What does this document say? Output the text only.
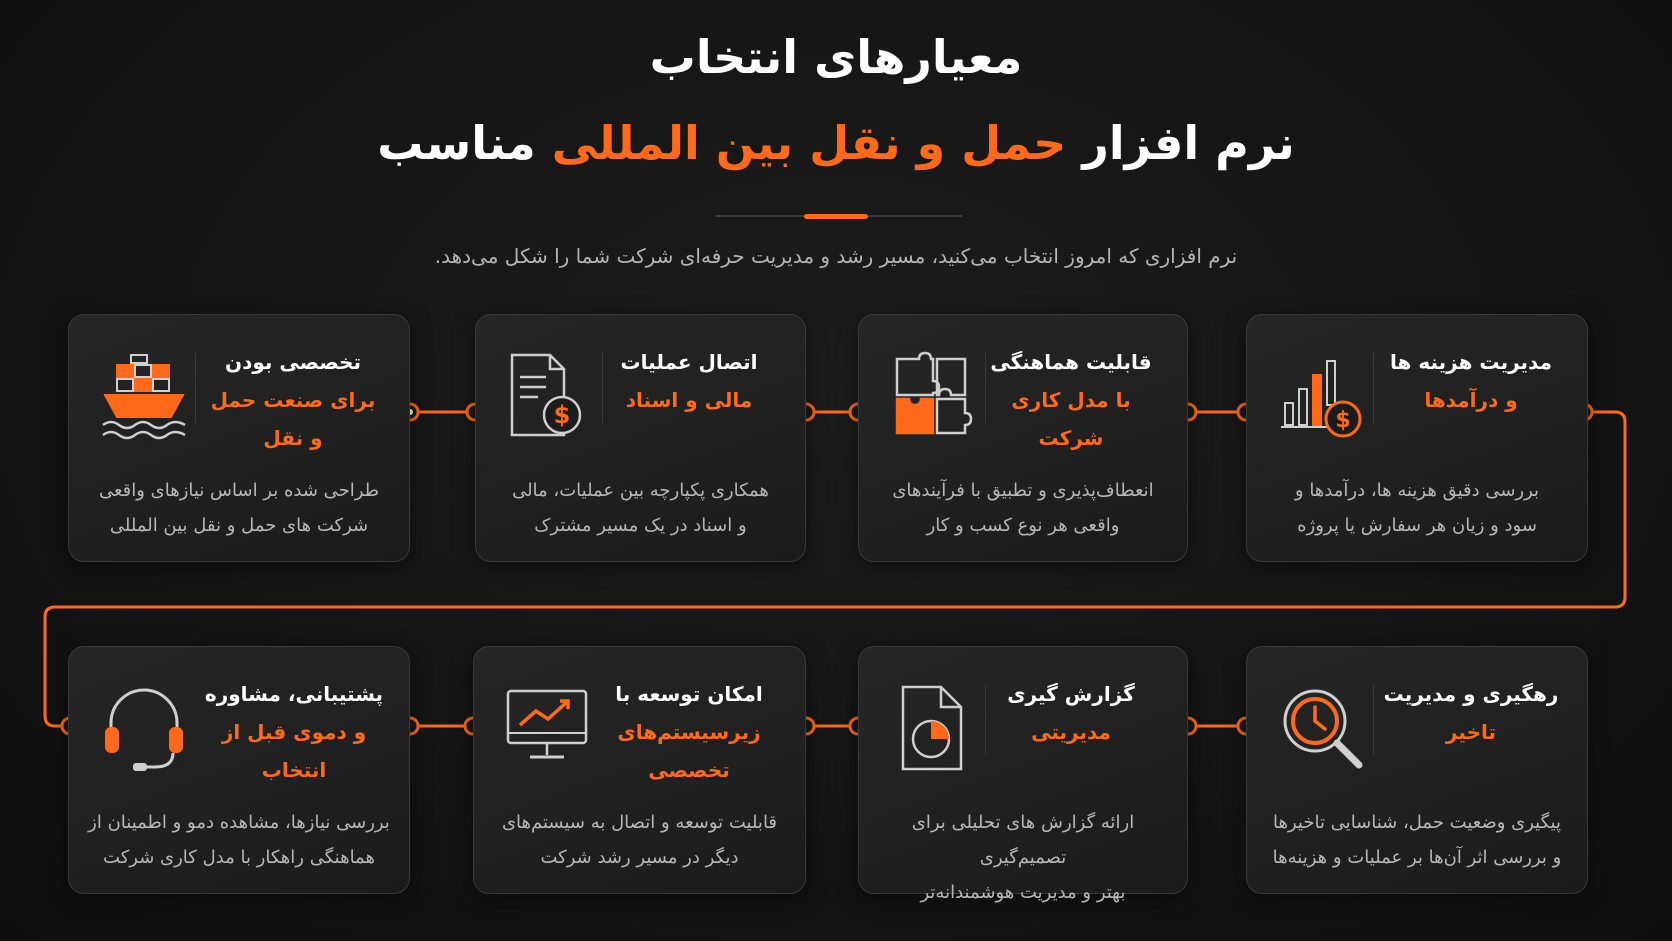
معیارهای انتخاب
نرم افزار حمل و نقل بین المللی مناسب
نرم افزاری که امروز انتخاب می‌کنید، مسیر رشد و مدیریت حرفه‌ای شرکت شما را شکل می‌دهد.
مدیریت هزینه ها
و درآمدها
$
بررسی دقیق هزینه ها، درآمدها و
سود و زیان هر سفارش یا پروژه
قابلیت هماهنگی
با مدل کاری شرکت
انعطاف‌پذیری و تطبیق با فرآیندهای
واقعی هر نوع کسب و کار
اتصال عملیات
مالی و اسناد
$
همکاری پکپارچه بین عملیات، مالی
و اسناد در یک مسیر مشترک
تخصصی بودن
برای صنعت حمل و نقل
طراحی شده بر اساس نیازهای واقعی
شرکت های حمل و نقل بین المللی
رهگیری و مدیریت
تاخیر
پیگیری وضعیت حمل، شناسایی تاخیرها
و بررسی اثر آن‌ها بر عملیات و هزینه‌ها
گزارش گیری
مدیریتی
ارائه گزارش های تحلیلی برای تصمیم‌گیری
بهتر و مدیریت هوشمندانه‌تر
امکان توسعه با
زیرسیستم‌های تخصصی
قابلیت توسعه و اتصال به سیستم‌های
دیگر در مسیر رشد شرکت
پشتیبانی، مشاوره
و دموی قبل از انتخاب
بررسی نیازها، مشاهده دمو و اطمینان از
هماهنگی راهکار با مدل کاری شرکت
